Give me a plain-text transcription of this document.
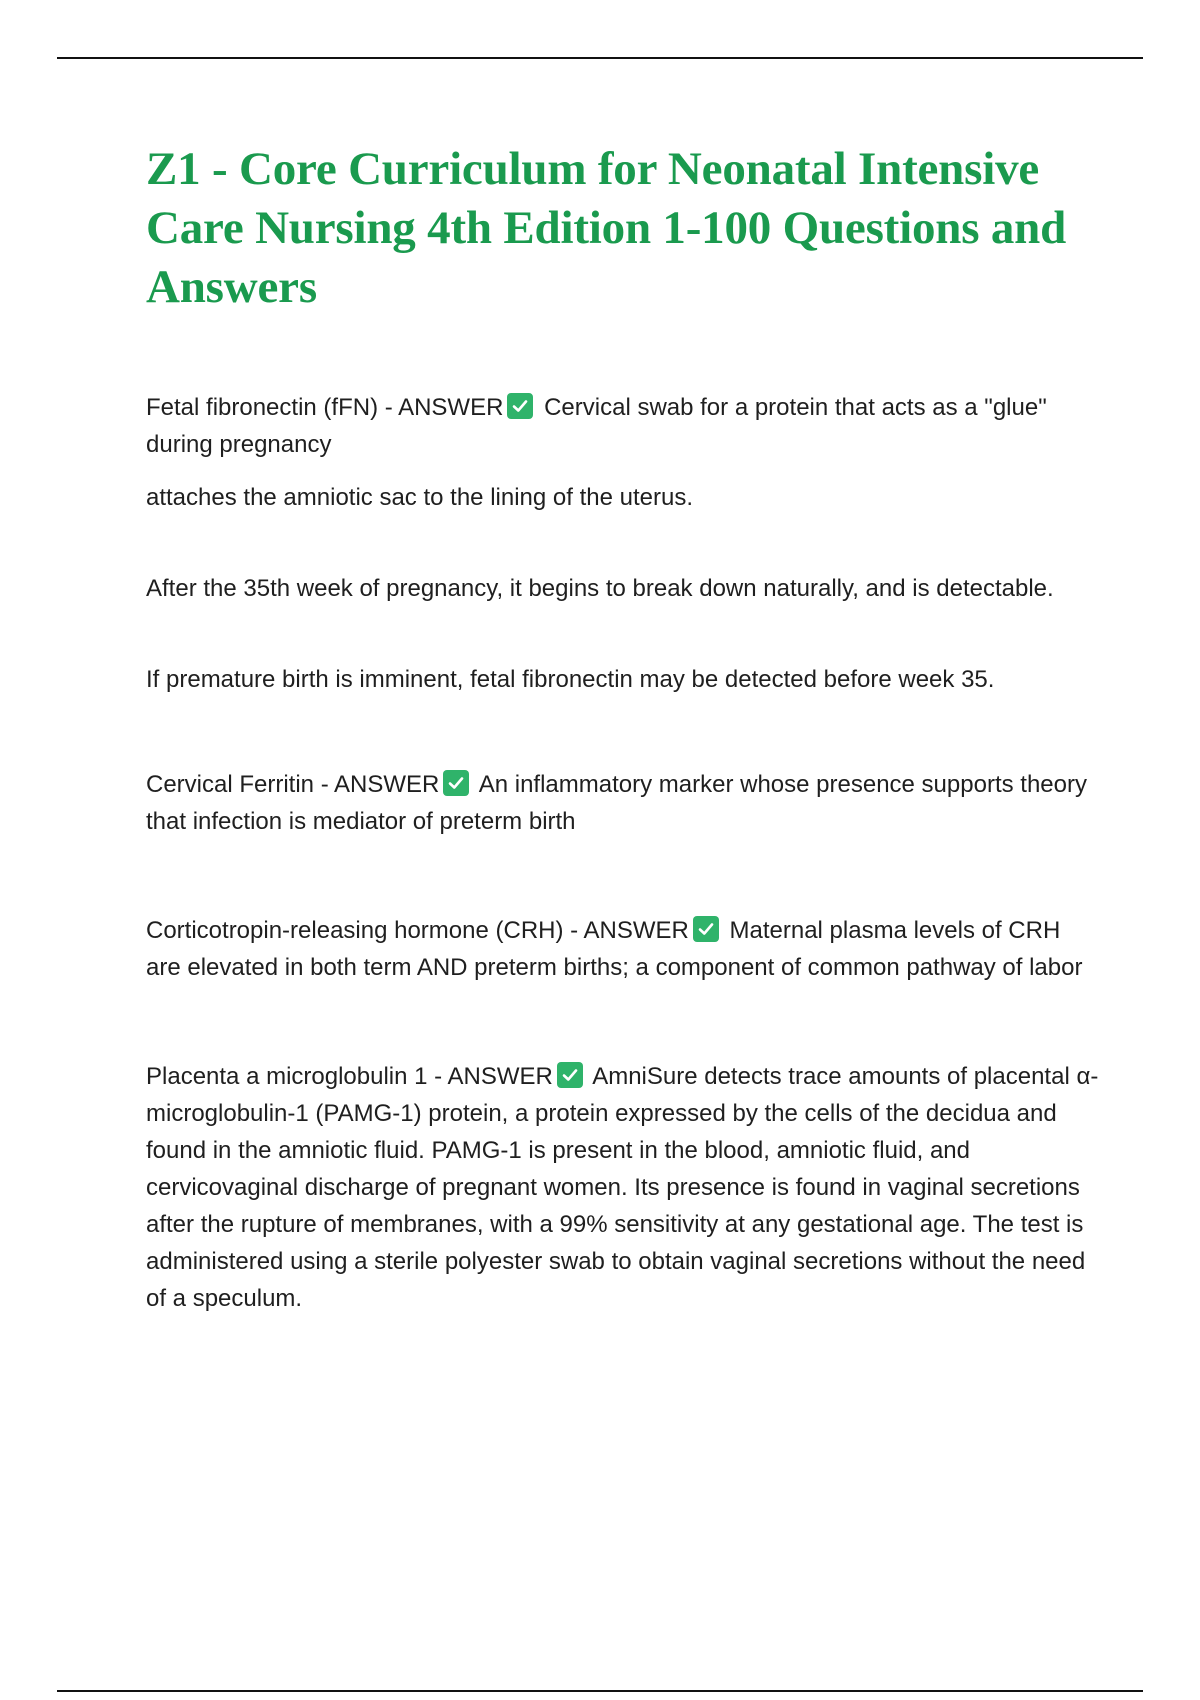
Z1 - Core Curriculum for Neonatal Intensive Care Nursing 4th Edition 1-100 Questions and Answers

Fetal fibronectin (fFN) - ANSWER Cervical swab for a protein that acts as a "glue" during pregnancy

attaches the amniotic sac to the lining of the uterus.

After the 35th week of pregnancy, it begins to break down naturally, and is detectable.

If premature birth is imminent, fetal fibronectin may be detected before week 35.

Cervical Ferritin - ANSWER An inflammatory marker whose presence supports theory that infection is mediator of preterm birth

Corticotropin-releasing hormone (CRH) - ANSWER Maternal plasma levels of CRH are elevated in both term AND preterm births; a component of common pathway of labor

Placenta a microglobulin 1 - ANSWER AmniSure detects trace amounts of placental α-microglobulin-1 (PAMG-1) protein, a protein expressed by the cells of the decidua and found in the amniotic fluid. PAMG-1 is present in the blood, amniotic fluid, and cervicovaginal discharge of pregnant women. Its presence is found in vaginal secretions after the rupture of membranes, with a 99% sensitivity at any gestational age. The test is administered using a sterile polyester swab to obtain vaginal secretions without the need of a speculum.
